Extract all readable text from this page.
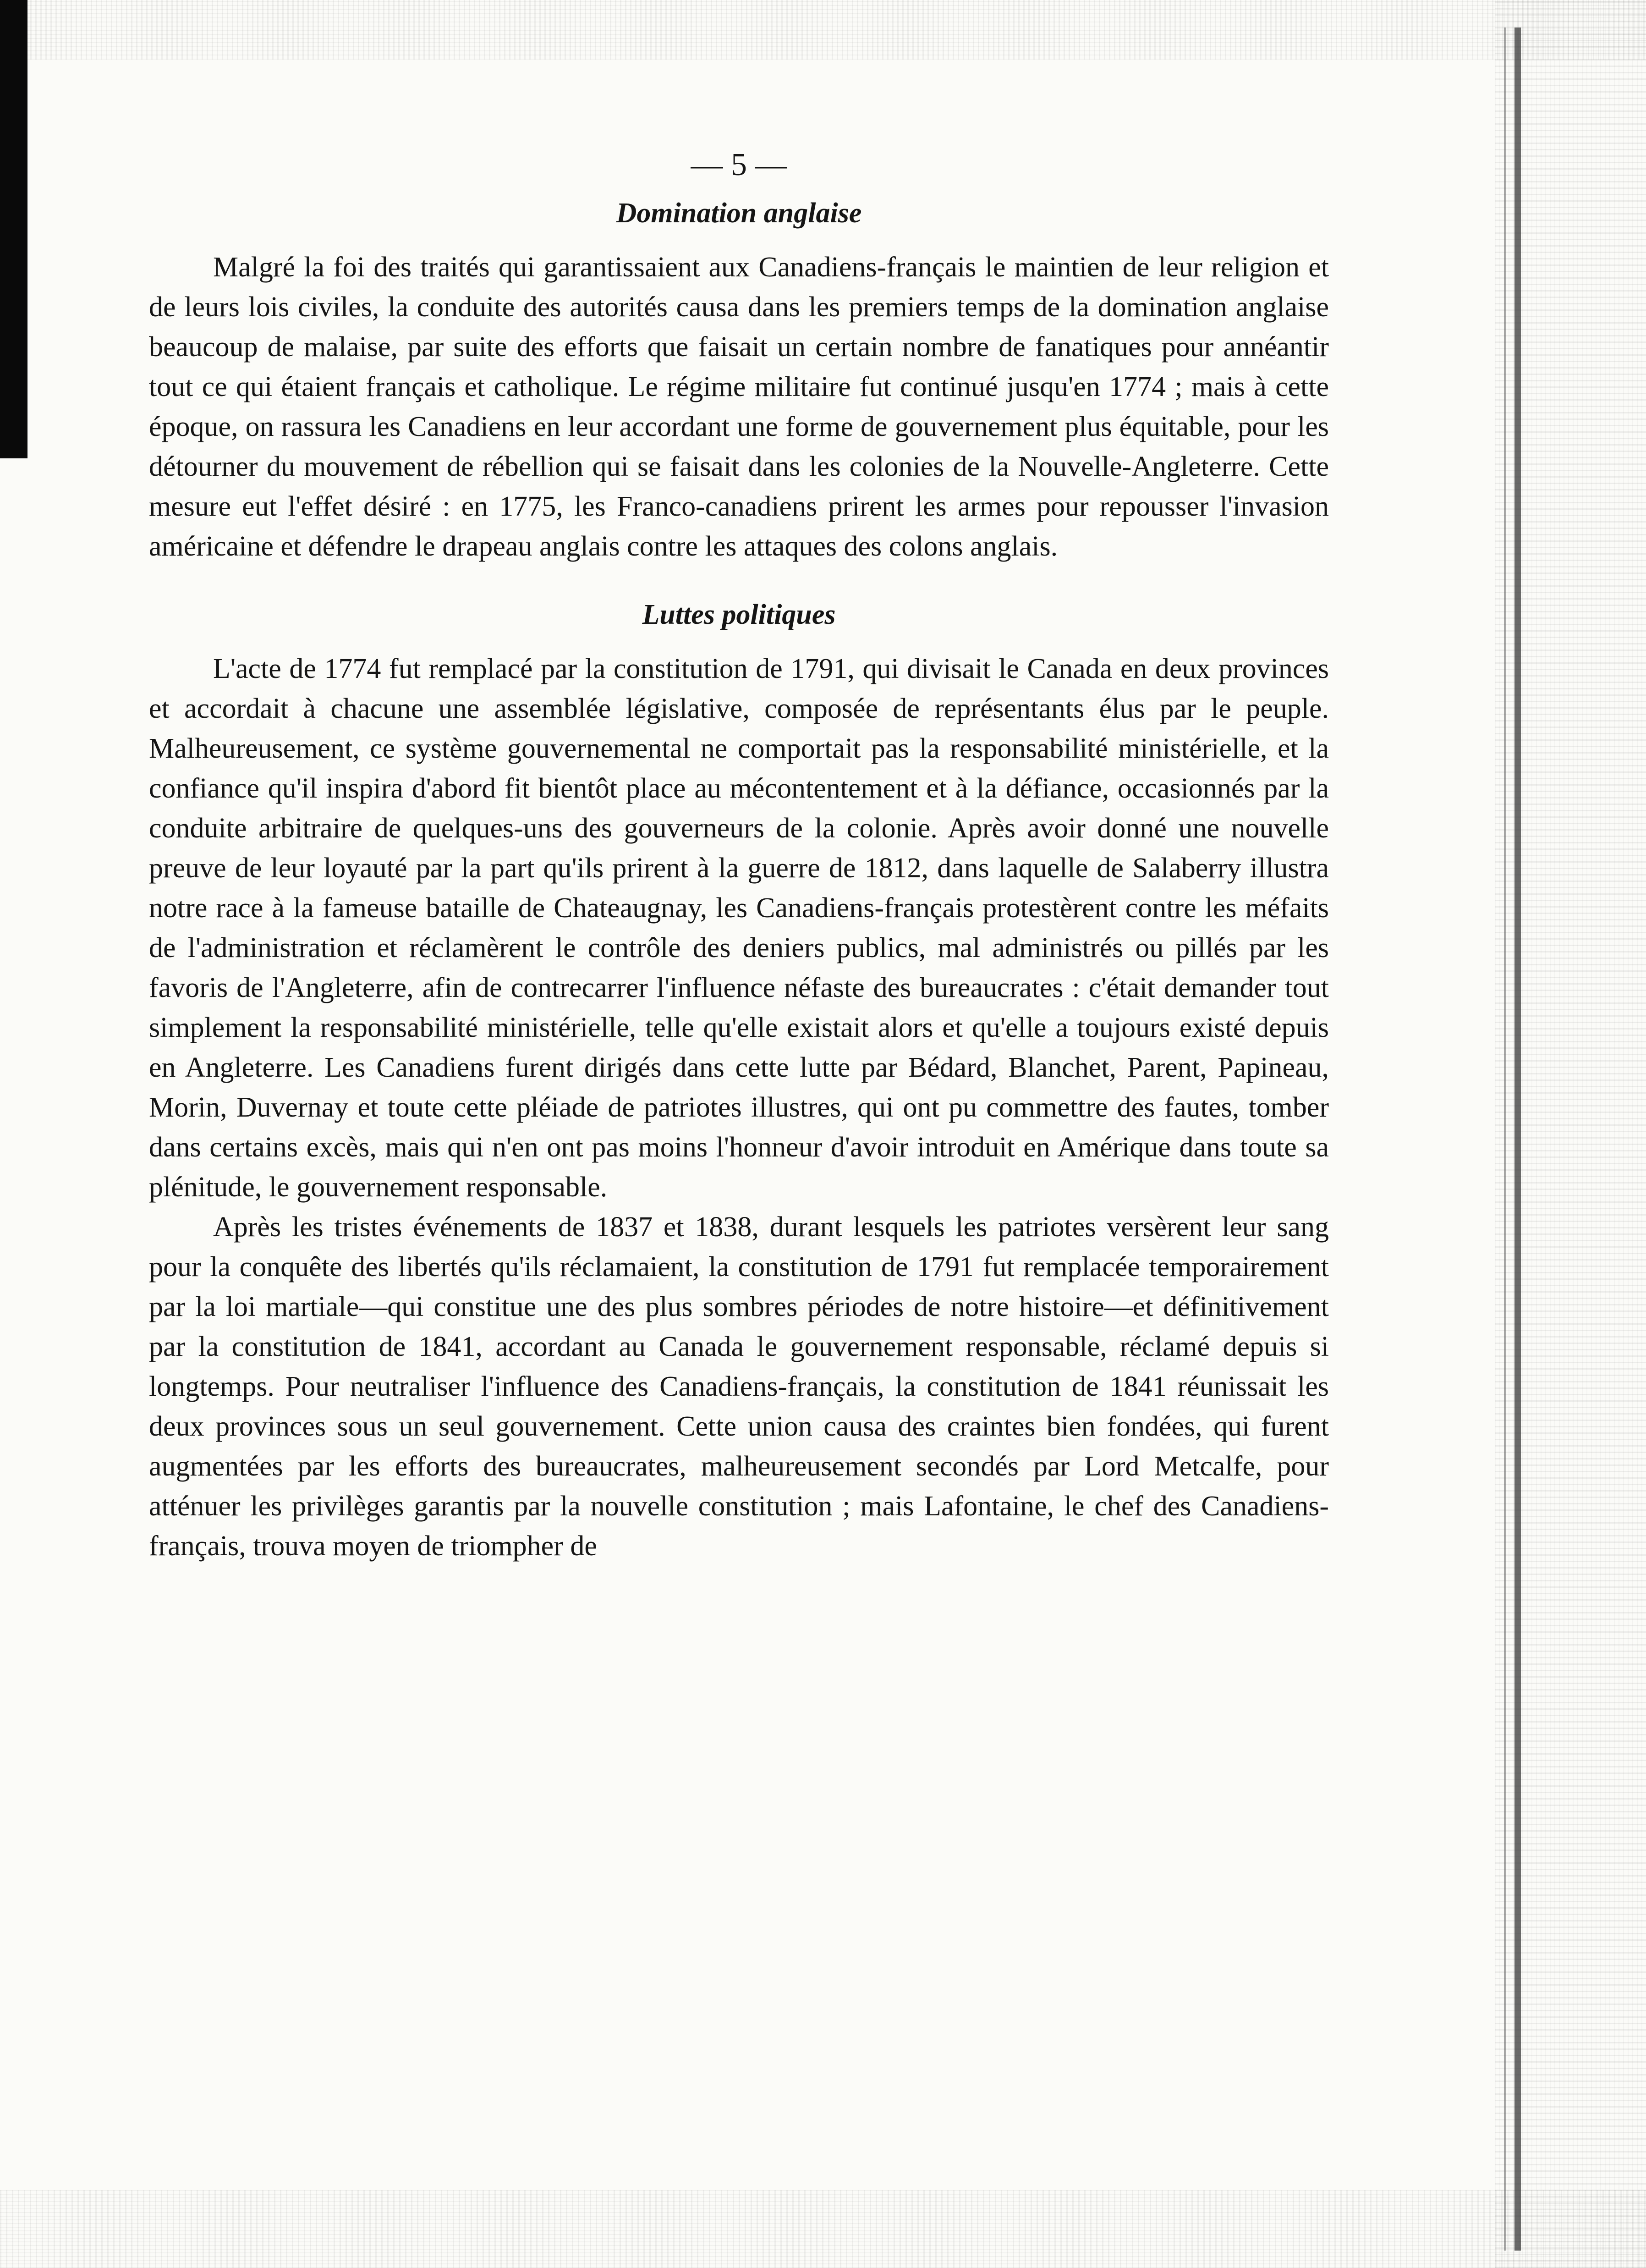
— 5 —
Domination anglaise

Malgré la foi des traités qui garantissaient aux Canadiens-français le maintien de leur religion et de leurs lois civiles, la conduite des autorités causa dans les premiers temps de la domination anglaise beaucoup de malaise, par suite des efforts que faisait un certain nombre de fanatiques pour annéantir tout ce qui étaient français et catholique. Le régime militaire fut continué jusqu'en 1774 ; mais à cette époque, on rassura les Canadiens en leur accordant une forme de gouvernement plus équitable, pour les détourner du mouvement de rébellion qui se faisait dans les colonies de la Nouvelle-Angleterre. Cette mesure eut l'effet désiré : en 1775, les Franco-canadiens prirent les armes pour repousser l'invasion américaine et défendre le drapeau anglais contre les attaques des colons anglais.

Luttes politiques

L'acte de 1774 fut remplacé par la constitution de 1791, qui divisait le Canada en deux provinces et accordait à chacune une assemblée législative, composée de représentants élus par le peuple. Malheureusement, ce système gouvernemental ne comportait pas la responsabilité ministérielle, et la confiance qu'il inspira d'abord fit bientôt place au mécontentement et à la défiance, occasionnés par la conduite arbitraire de quelques-uns des gouverneurs de la colonie. Après avoir donné une nouvelle preuve de leur loyauté par la part qu'ils prirent à la guerre de 1812, dans laquelle de Salaberry illustra notre race à la fameuse bataille de Chateaugnay, les Canadiens-français protestèrent contre les méfaits de l'administration et réclamèrent le contrôle des deniers publics, mal administrés ou pillés par les favoris de l'Angleterre, afin de contrecarrer l'influence néfaste des bureaucrates : c'était demander tout simplement la responsabilité ministérielle, telle qu'elle existait alors et qu'elle a toujours existé depuis en Angleterre. Les Canadiens furent dirigés dans cette lutte par Bédard, Blanchet, Parent, Papineau, Morin, Duvernay et toute cette pléiade de patriotes illustres, qui ont pu commettre des fautes, tomber dans certains excès, mais qui n'en ont pas moins l'honneur d'avoir introduit en Amérique dans toute sa plénitude, le gouvernement responsable.

Après les tristes événements de 1837 et 1838, durant lesquels les patriotes versèrent leur sang pour la conquête des libertés qu'ils réclamaient, la constitution de 1791 fut remplacée temporairement par la loi martiale—qui constitue une des plus sombres périodes de notre histoire—et définitivement par la constitution de 1841, accordant au Canada le gouvernement responsable, réclamé depuis si longtemps. Pour neutraliser l'influence des Canadiens-français, la constitution de 1841 réunissait les deux provinces sous un seul gouvernement. Cette union causa des craintes bien fondées, qui furent augmentées par les efforts des bureaucrates, malheureusement secondés par Lord Metcalfe, pour atténuer les privilèges garantis par la nouvelle constitution ; mais Lafontaine, le chef des Canadiens-français, trouva moyen de triompher de
